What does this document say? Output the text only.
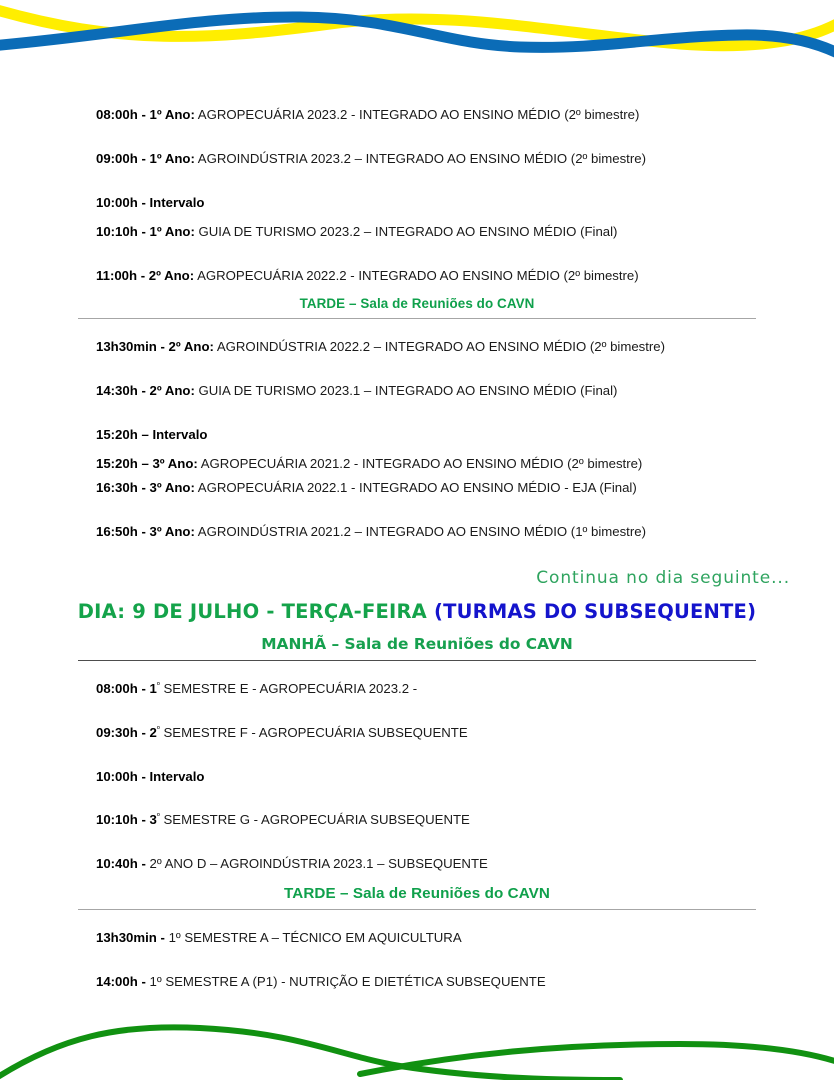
08:00h - 1º Ano: AGROPECUÁRIA 2023.2 - INTEGRADO AO ENSINO MÉDIO (2º bimestre)
09:00h - 1º Ano: AGROINDÚSTRIA 2023.2 – INTEGRADO AO ENSINO MÉDIO (2º bimestre)
10:00h - Intervalo
10:10h - 1º Ano: GUIA DE TURISMO 2023.2 – INTEGRADO AO ENSINO MÉDIO (Final)
11:00h - 2º Ano: AGROPECUÁRIA 2022.2 - INTEGRADO AO ENSINO MÉDIO (2º bimestre)
TARDE – Sala de Reuniões do CAVN
13h30min - 2º Ano: AGROINDÚSTRIA 2022.2 – INTEGRADO AO ENSINO MÉDIO (2º bimestre)
14:30h - 2º Ano: GUIA DE TURISMO 2023.1 – INTEGRADO AO ENSINO MÉDIO (Final)
15:20h – Intervalo
15:20h – 3º Ano: AGROPECUÁRIA 2021.2 - INTEGRADO AO ENSINO MÉDIO (2º bimestre)
16:30h - 3º Ano: AGROPECUÁRIA 2022.1 - INTEGRADO AO ENSINO MÉDIO - EJA (Final)
16:50h - 3º Ano: AGROINDÚSTRIA 2021.2 – INTEGRADO AO ENSINO MÉDIO (1º bimestre)
Continua no dia seguinte...
DIA: 9 DE JULHO - TERÇA-FEIRA (TURMAS DO SUBSEQUENTE)
MANHÃ – Sala de Reuniões do CAVN
08:00h - $1^º$ SEMESTRE E - AGROPECUÁRIA 2023.2 -
09:30h - $2^º$ SEMESTRE F - AGROPECUÁRIA SUBSEQUENTE
10:00h - Intervalo
10:10h - $3^º$ SEMESTRE G - AGROPECUÁRIA SUBSEQUENTE
10:40h - 2º ANO D – AGROINDÚSTRIA 2023.1 – SUBSEQUENTE
TARDE – Sala de Reuniões do CAVN
13h30min - 1º SEMESTRE A – TÉCNICO EM AQUICULTURA
14:00h - 1º SEMESTRE A (P1) - NUTRIÇÃO E DIETÉTICA SUBSEQUENTE
